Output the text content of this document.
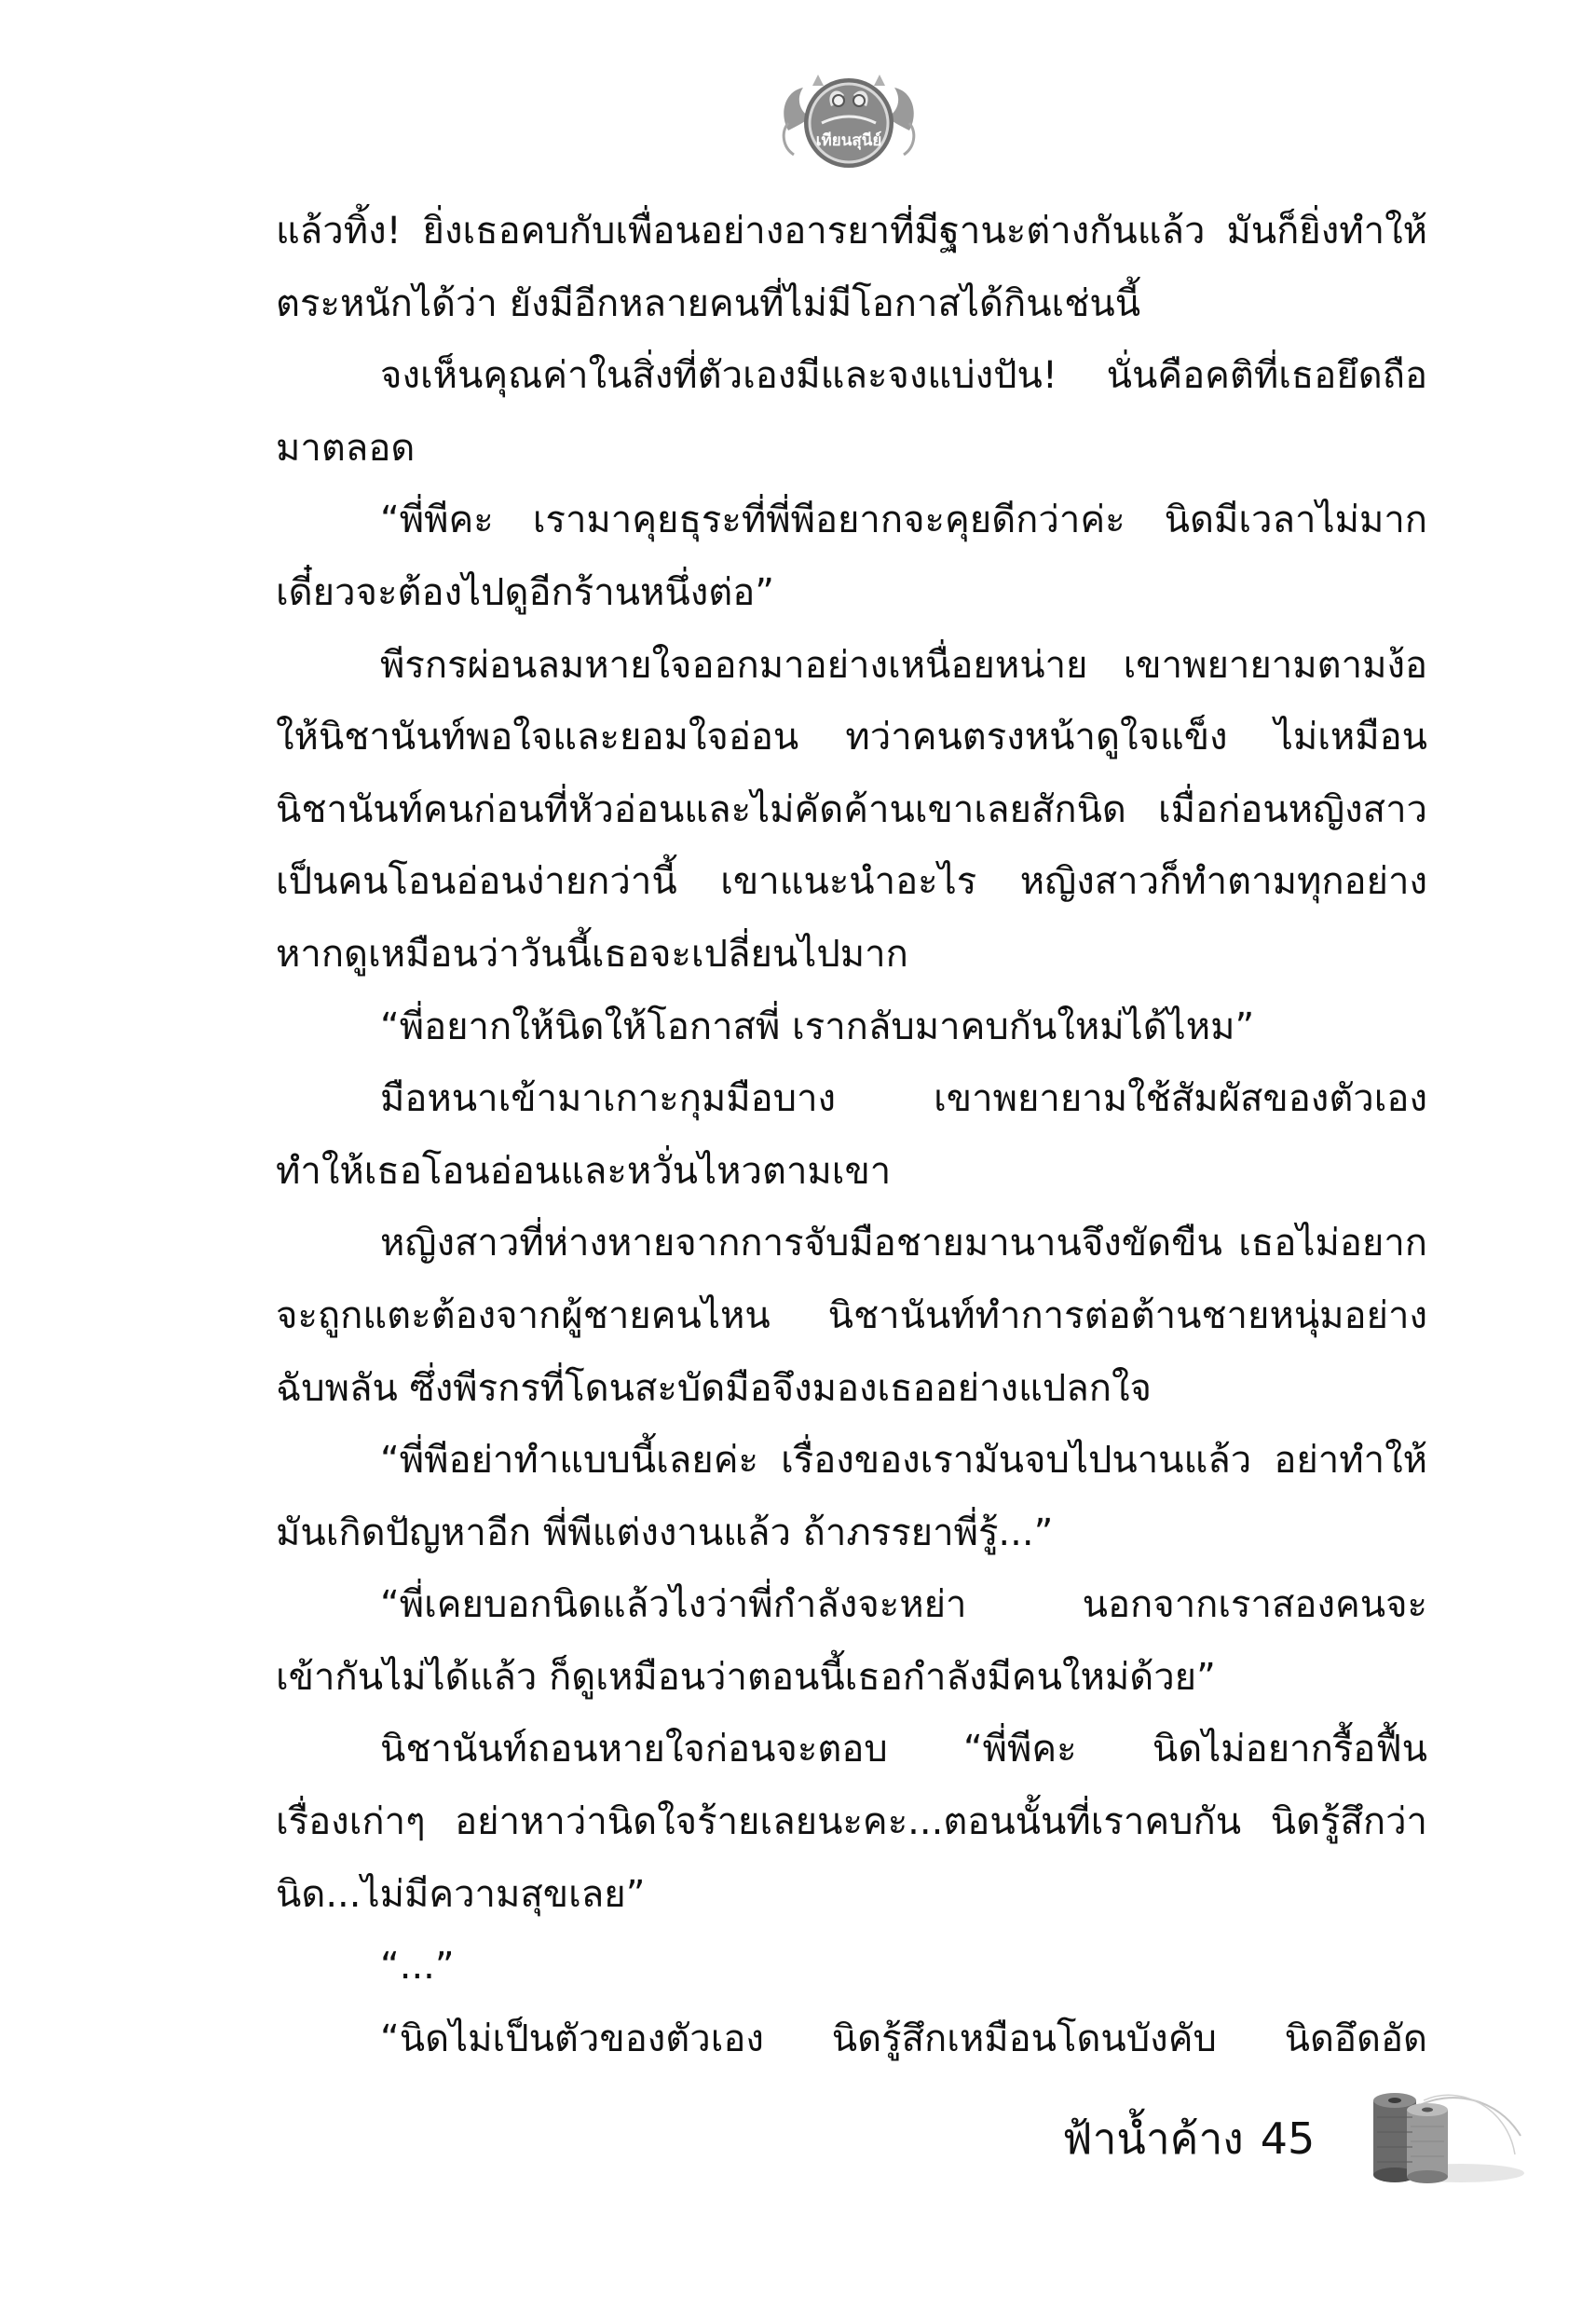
เทียนสุนีย์
แล้วทิ้ง! ยิ่งเธอคบกับเพื่อนอย่างอารยาที่มีฐานะต่างกันแล้ว มันก็ยิ่งทำให้
ตระหนักได้ว่า ยังมีอีกหลายคนที่ไม่มีโอกาสได้กินเช่นนี้
จงเห็นคุณค่าในสิ่งที่ตัวเองมีและจงแบ่งปัน! นั่นคือคติที่เธอยึดถือ
มาตลอด
“พี่พีคะ เรามาคุยธุระที่พี่พีอยากจะคุยดีกว่าค่ะ นิดมีเวลาไม่มาก
เดี๋ยวจะต้องไปดูอีกร้านหนึ่งต่อ”
พีรกรผ่อนลมหายใจออกมาอย่างเหนื่อยหน่าย เขาพยายามตามง้อ
ให้นิชานันท์พอใจและยอมใจอ่อน ทว่าคนตรงหน้าดูใจแข็ง ไม่เหมือน
นิชานันท์คนก่อนที่หัวอ่อนและไม่คัดค้านเขาเลยสักนิด เมื่อก่อนหญิงสาว
เป็นคนโอนอ่อนง่ายกว่านี้ เขาแนะนำอะไร หญิงสาวก็ทำตามทุกอย่าง
หากดูเหมือนว่าวันนี้เธอจะเปลี่ยนไปมาก
“พี่อยากให้นิดให้โอกาสพี่ เรากลับมาคบกันใหม่ได้ไหม”
มือหนาเข้ามาเกาะกุมมือบาง เขาพยายามใช้สัมผัสของตัวเอง
ทำให้เธอโอนอ่อนและหวั่นไหวตามเขา
หญิงสาวที่ห่างหายจากการจับมือชายมานานจึงขัดขืน เธอไม่อยาก
จะถูกแตะต้องจากผู้ชายคนไหน นิชานันท์ทำการต่อต้านชายหนุ่มอย่าง
ฉับพลัน ซึ่งพีรกรที่โดนสะบัดมือจึงมองเธออย่างแปลกใจ
“พี่พีอย่าทำแบบนี้เลยค่ะ เรื่องของเรามันจบไปนานแล้ว อย่าทำให้
มันเกิดปัญหาอีก พี่พีแต่งงานแล้ว ถ้าภรรยาพี่รู้...”
“พี่เคยบอกนิดแล้วไงว่าพี่กำลังจะหย่า นอกจากเราสองคนจะ
เข้ากันไม่ได้แล้ว ก็ดูเหมือนว่าตอนนี้เธอกำลังมีคนใหม่ด้วย”
นิชานันท์ถอนหายใจก่อนจะตอบ “พี่พีคะ นิดไม่อยากรื้อฟื้น
เรื่องเก่าๆ อย่าหาว่านิดใจร้ายเลยนะคะ...ตอนนั้นที่เราคบกัน นิดรู้สึกว่า
นิด...ไม่มีความสุขเลย”
“...”
“นิดไม่เป็นตัวของตัวเอง นิดรู้สึกเหมือนโดนบังคับ นิดอึดอัด
ฟ้าน้ำค้าง 45
